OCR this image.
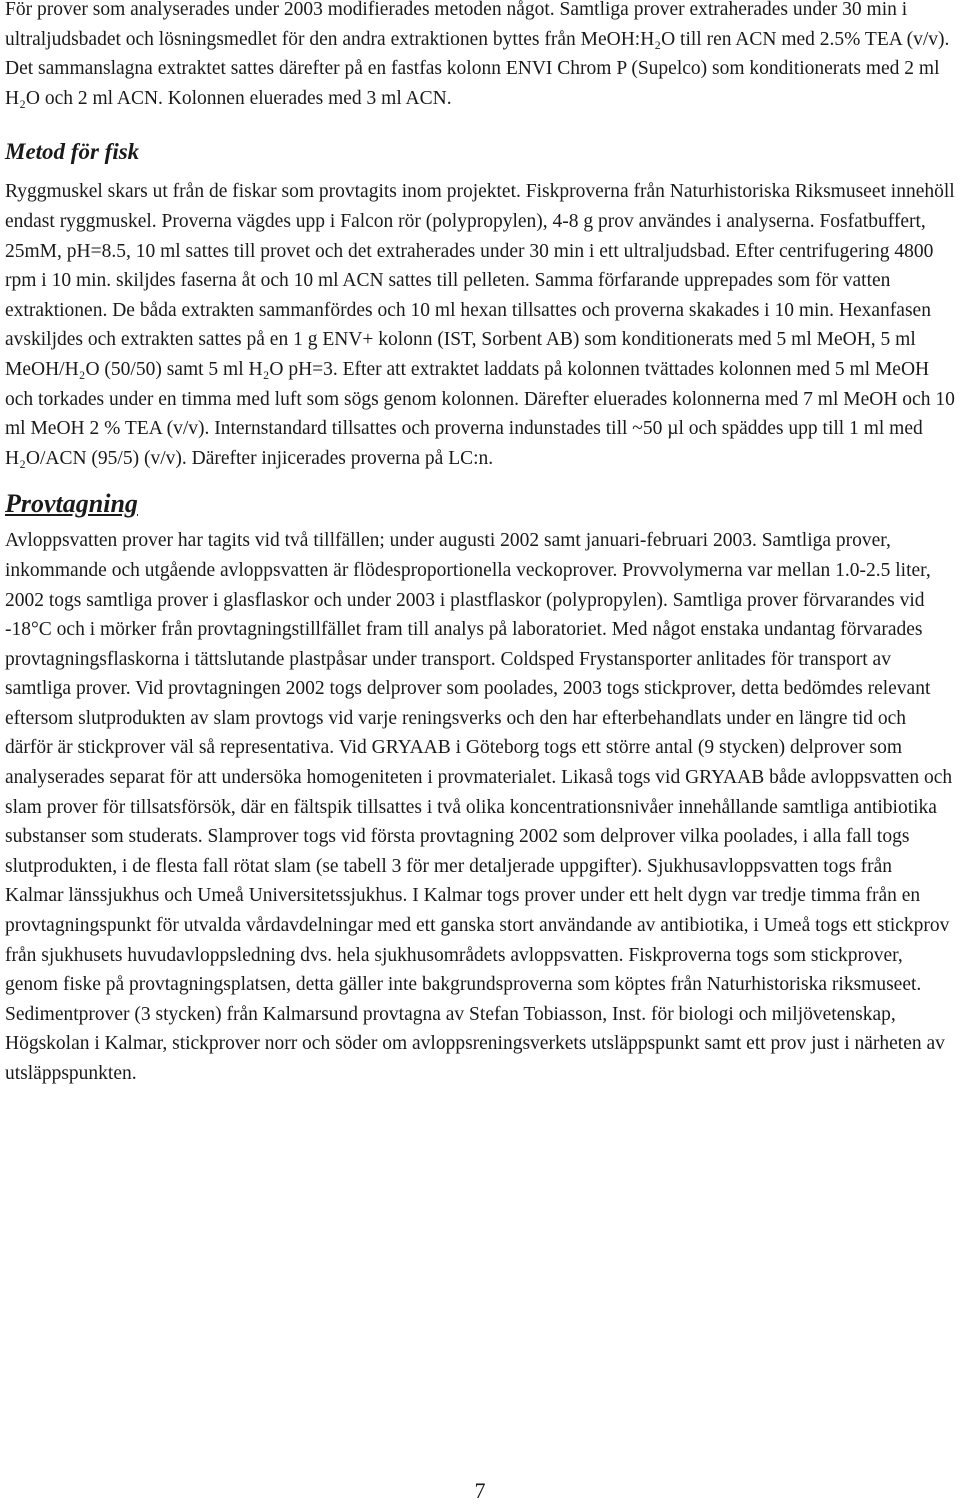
För prover som analyserades under 2003 modifierades metoden något. Samtliga prover extraherades under 30 min i ultraljudsbadet och lösningsmedlet för den andra extraktionen byttes från MeOH:H₂O till ren ACN med 2.5% TEA (v/v). Det sammanslagna extraktet sattes därefter på en fastfas kolonn ENVI Chrom P (Supelco) som konditionerats med 2 ml H₂O och 2 ml ACN. Kolonnen eluerades med 3 ml ACN.

Metod för fisk

Ryggmuskel skars ut från de fiskar som provtagits inom projektet. Fiskproverna från Naturhistoriska Riksmuseet innehöll endast ryggmuskel. Proverna vägdes upp i Falcon rör (polypropylen), 4-8 g prov användes i analyserna. Fosfatbuffert, 25mM, pH=8.5, 10 ml sattes till provet och det extraherades under 30 min i ett ultraljudsbad. Efter centrifugering 4800 rpm i 10 min. skiljdes faserna åt och 10 ml ACN sattes till pelleten. Samma förfarande upprepades som för vatten extraktionen. De båda extrakten sammanfördes och 10 ml hexan tillsattes och proverna skakades i 10 min. Hexanfasen avskiljdes och extrakten sattes på en 1 g ENV+ kolonn (IST, Sorbent AB) som konditionerats med 5 ml MeOH, 5 ml MeOH/H₂O (50/50) samt 5 ml H₂O pH=3. Efter att extraktet laddats på kolonnen tvättades kolonnen med 5 ml MeOH och torkades under en timma med luft som sögs genom kolonnen. Därefter eluerades kolonnerna med 7 ml MeOH och 10 ml MeOH 2 % TEA (v/v). Internstandard tillsattes och proverna indunstades till ~50 µl och späddes upp till 1 ml med H₂O/ACN (95/5) (v/v). Därefter injicerades proverna på LC:n.

Provtagning

Avloppsvatten prover har tagits vid två tillfällen; under augusti 2002 samt januari-februari 2003. Samtliga prover, inkommande och utgående avloppsvatten är flödesproportionella veckoprover. Provvolymerna var mellan 1.0-2.5 liter, 2002 togs samtliga prover i glasflaskor och under 2003 i plastflaskor (polypropylen). Samtliga prover förvarandes vid -18°C och i mörker från provtagningstillfället fram till analys på laboratoriet. Med något enstaka undantag förvarades provtagningsflaskorna i tättslutande plastpåsar under transport. Coldsped Frystansporter anlitades för transport av samtliga prover. Vid provtagningen 2002 togs delprover som poolades, 2003 togs stickprover, detta bedömdes relevant eftersom slutprodukten av slam provtogs vid varje reningsverks och den har efterbehandlats under en längre tid och därför är stickprover väl så representativa. Vid GRYAAB i Göteborg togs ett större antal (9 stycken) delprover som analyserades separat för att undersöka homogeniteten i provmaterialet. Likaså togs vid GRYAAB både avloppsvatten och slam prover för tillsatsförsök, där en fältspik tillsattes i två olika koncentrationsnivåer innehållande samtliga antibiotika substanser som studerats. Slamprover togs vid första provtagning 2002 som delprover vilka poolades, i alla fall togs slutprodukten, i de flesta fall rötat slam (se tabell 3 för mer detaljerade uppgifter). Sjukhusavloppsvatten togs från Kalmar länssjukhus och Umeå Universitetssjukhus. I Kalmar togs prover under ett helt dygn var tredje timma från en provtagningspunkt för utvalda vårdavdelningar med ett ganska stort användande av antibiotika, i Umeå togs ett stickprov från sjukhusets huvudavloppsledning dvs. hela sjukhusområdets avloppsvatten. Fiskproverna togs som stickprover, genom fiske på provtagningsplatsen, detta gäller inte bakgrundsproverna som köptes från Naturhistoriska riksmuseet. Sedimentprover (3 stycken) från Kalmarsund provtagna av Stefan Tobiasson, Inst. för biologi och miljövetenskap, Högskolan i Kalmar, stickprover norr och söder om avloppsreningsverkets utsläppspunkt samt ett prov just i närheten av utsläppspunkten.

7
